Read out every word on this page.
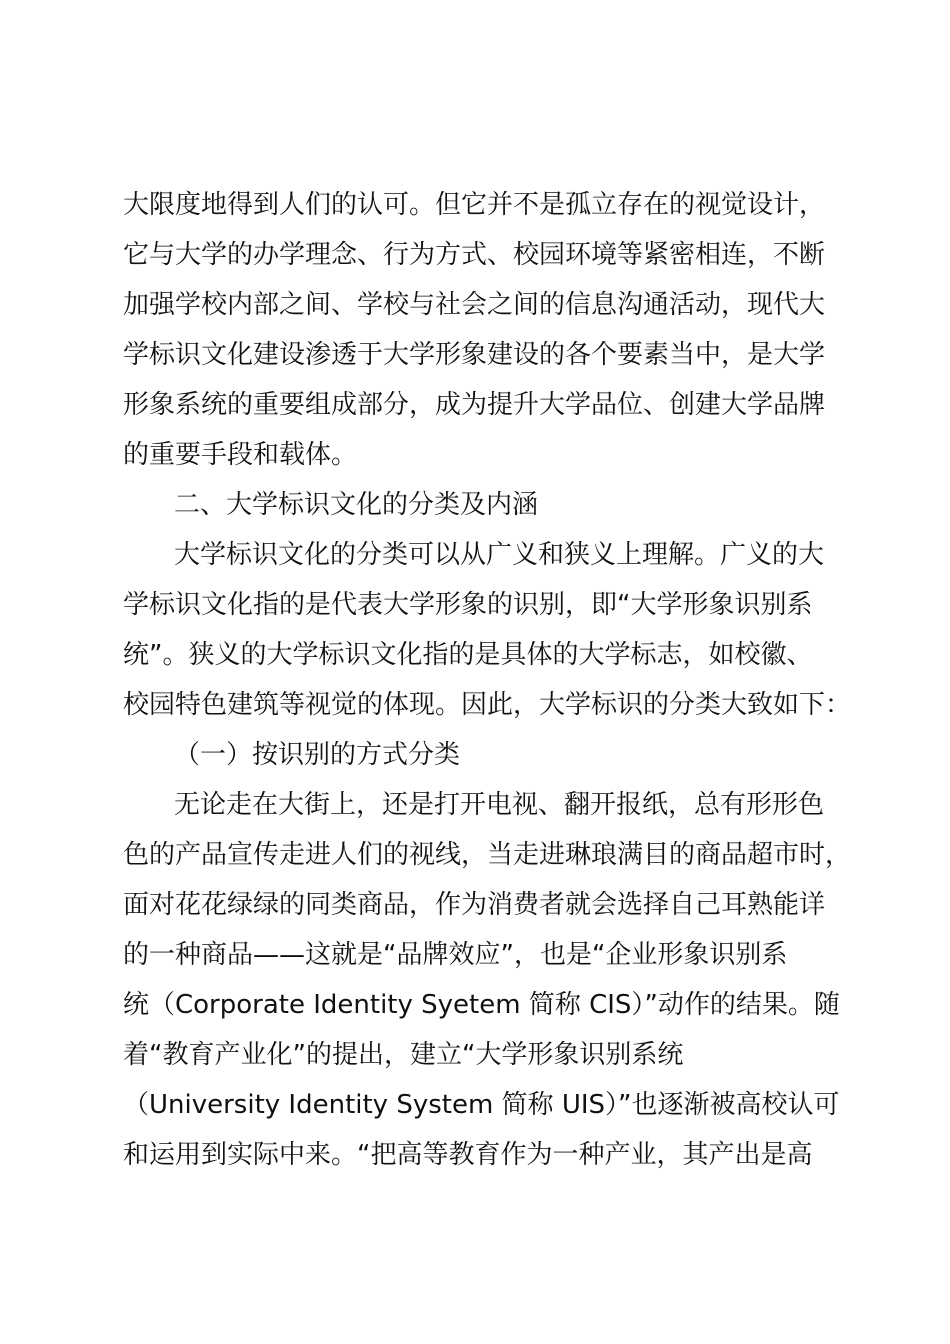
大限度地得到人们的认可。但它并不是孤立存在的视觉设计，
它与大学的办学理念、行为方式、校园环境等紧密相连，不断
加强学校内部之间、学校与社会之间的信息沟通活动，现代大
学标识文化建设渗透于大学形象建设的各个要素当中，是大学
形象系统的重要组成部分，成为提升大学品位、创建大学品牌
的重要手段和载体。
二、大学标识文化的分类及内涵
大学标识文化的分类可以从广义和狭义上理解。广义的大
学标识文化指的是代表大学形象的识别，即“大学形象识别系
统”。狭义的大学标识文化指的是具体的大学标志，如校徽、
校园特色建筑等视觉的体现。因此，大学标识的分类大致如下：
（一）按识别的方式分类
无论走在大街上，还是打开电视、翻开报纸，总有形形色
色的产品宣传走进人们的视线，当走进琳琅满目的商品超市时，
面对花花绿绿的同类商品，作为消费者就会选择自己耳熟能详
的一种商品——这就是“品牌效应”，也是“企业形象识别系
统（Corporate Identity Syetem 简称 CIS）”动作的结果。随
着“教育产业化”的提出，建立“大学形象识别系统
（University Identity System 简称 UIS）”也逐渐被高校认可
和运用到实际中来。“把高等教育作为一种产业，其产出是高
